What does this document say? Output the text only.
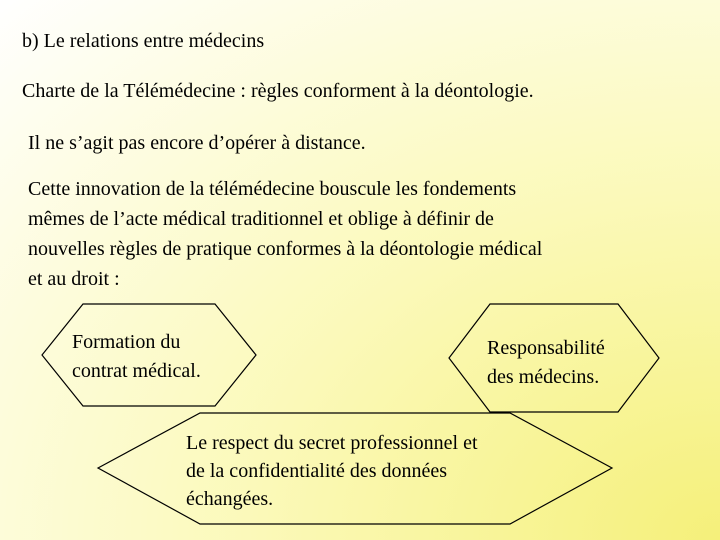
b) Le relations entre médecins

Charte de la Télémédecine : règles conforment à la déontologie.

Il ne s’agit pas encore d’opérer à distance.

Cette innovation de la télémédecine bouscule les fondements
mêmes de l’acte médical traditionnel et oblige à définir de
nouvelles règles de pratique conformes à la déontologie médical
et au droit :

Formation du
contrat médical.

Responsabilité
des médecins.

Le respect du secret professionnel et
de la confidentialité des données
échangées.
